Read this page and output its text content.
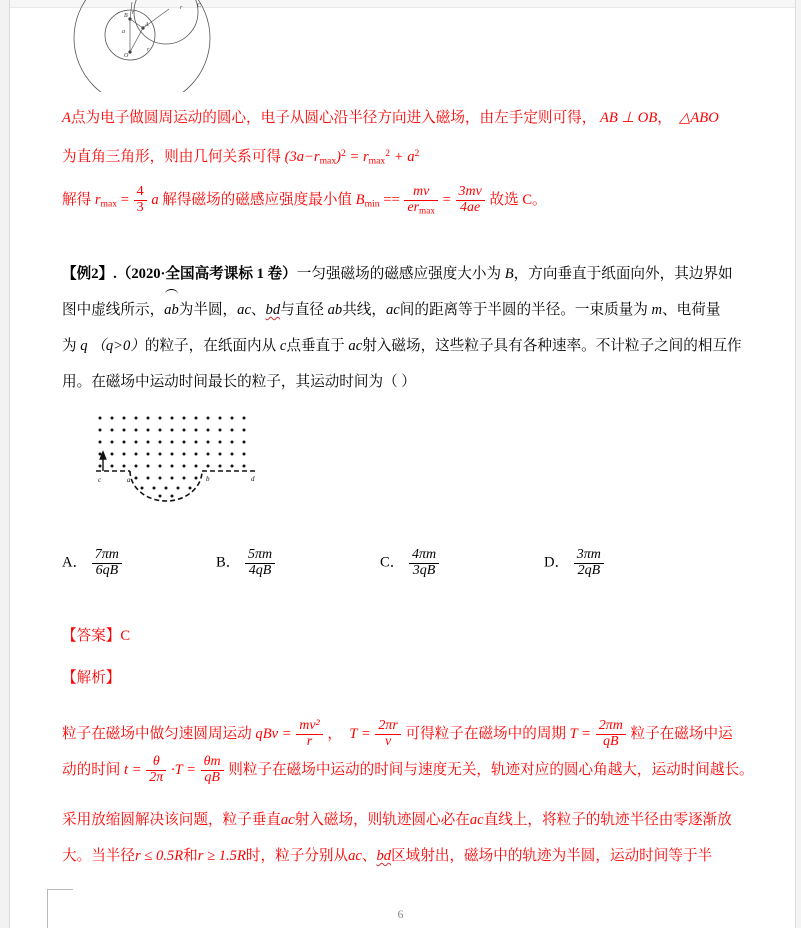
O
B
A
C
a
r
r
r

A点为电子做圆周运动的圆心，电子从圆心沿半径方向进入磁场，由左手定则可得， AB ⊥ OB，  △ABO

为直角三角形，则由几何关系可得 $(3a-r_{max})^2 = r_{max}^2 + a^2$

解得 $r_{max} = \frac{4}{3}$ a 解得磁场的磁感应强度最小值 $B_{min} == \frac{mv}{er_{max}} = \frac{3mv}{4ae}$ 故选 C。

【例2】.（2020·全国高考课标 1 卷）一匀强磁场的磁感应强度大小为 B，方向垂直于纸面向外，其边界如

图中虚线所示，ab为半圆，ac、bd与直径 ab共线，ac间的距离等于半圆的半径。一束质量为 m、电荷量

为 q （q>0）的粒子，在纸面内从 c点垂直于 ac射入磁场，这些粒子具有各种速率。不计粒子之间的相互作

用。在磁场中运动时间最长的粒子，其运动时间为（ ）

c	a	b	d
A． $\frac{7\pi m}{6qB}$	B． $\frac{5\pi m}{4qB}$	C． $\frac{4\pi m}{3qB}$	D． $\frac{3\pi m}{2qB}$

【答案】C

【解析】

粒子在磁场中做匀速圆周运动 qBv = $\frac{\text{mv²}}{r}$ ， $T = \frac{2\pi r}{v}$ 可得粒子在磁场中的周期 $T = \frac{2\pi m}{qB}$ 粒子在磁场中运

动的时间 $t = \frac{\theta}{2\pi} \cdot T = \frac{\theta m}{qB}$ 则粒子在磁场中运动的时间与速度无关，轨迹对应的圆心角越大，运动时间越长。

采用放缩圆解决该问题，粒子垂直ac射入磁场，则轨迹圆心必在ac直线上，将粒子的轨迹半径由零逐渐放

大。当半径r ≤ 0.5R和r ≥ 1.5R时，粒子分别从ac、bd区域射出，磁场中的轨迹为半圆，运动时间等于半

6
